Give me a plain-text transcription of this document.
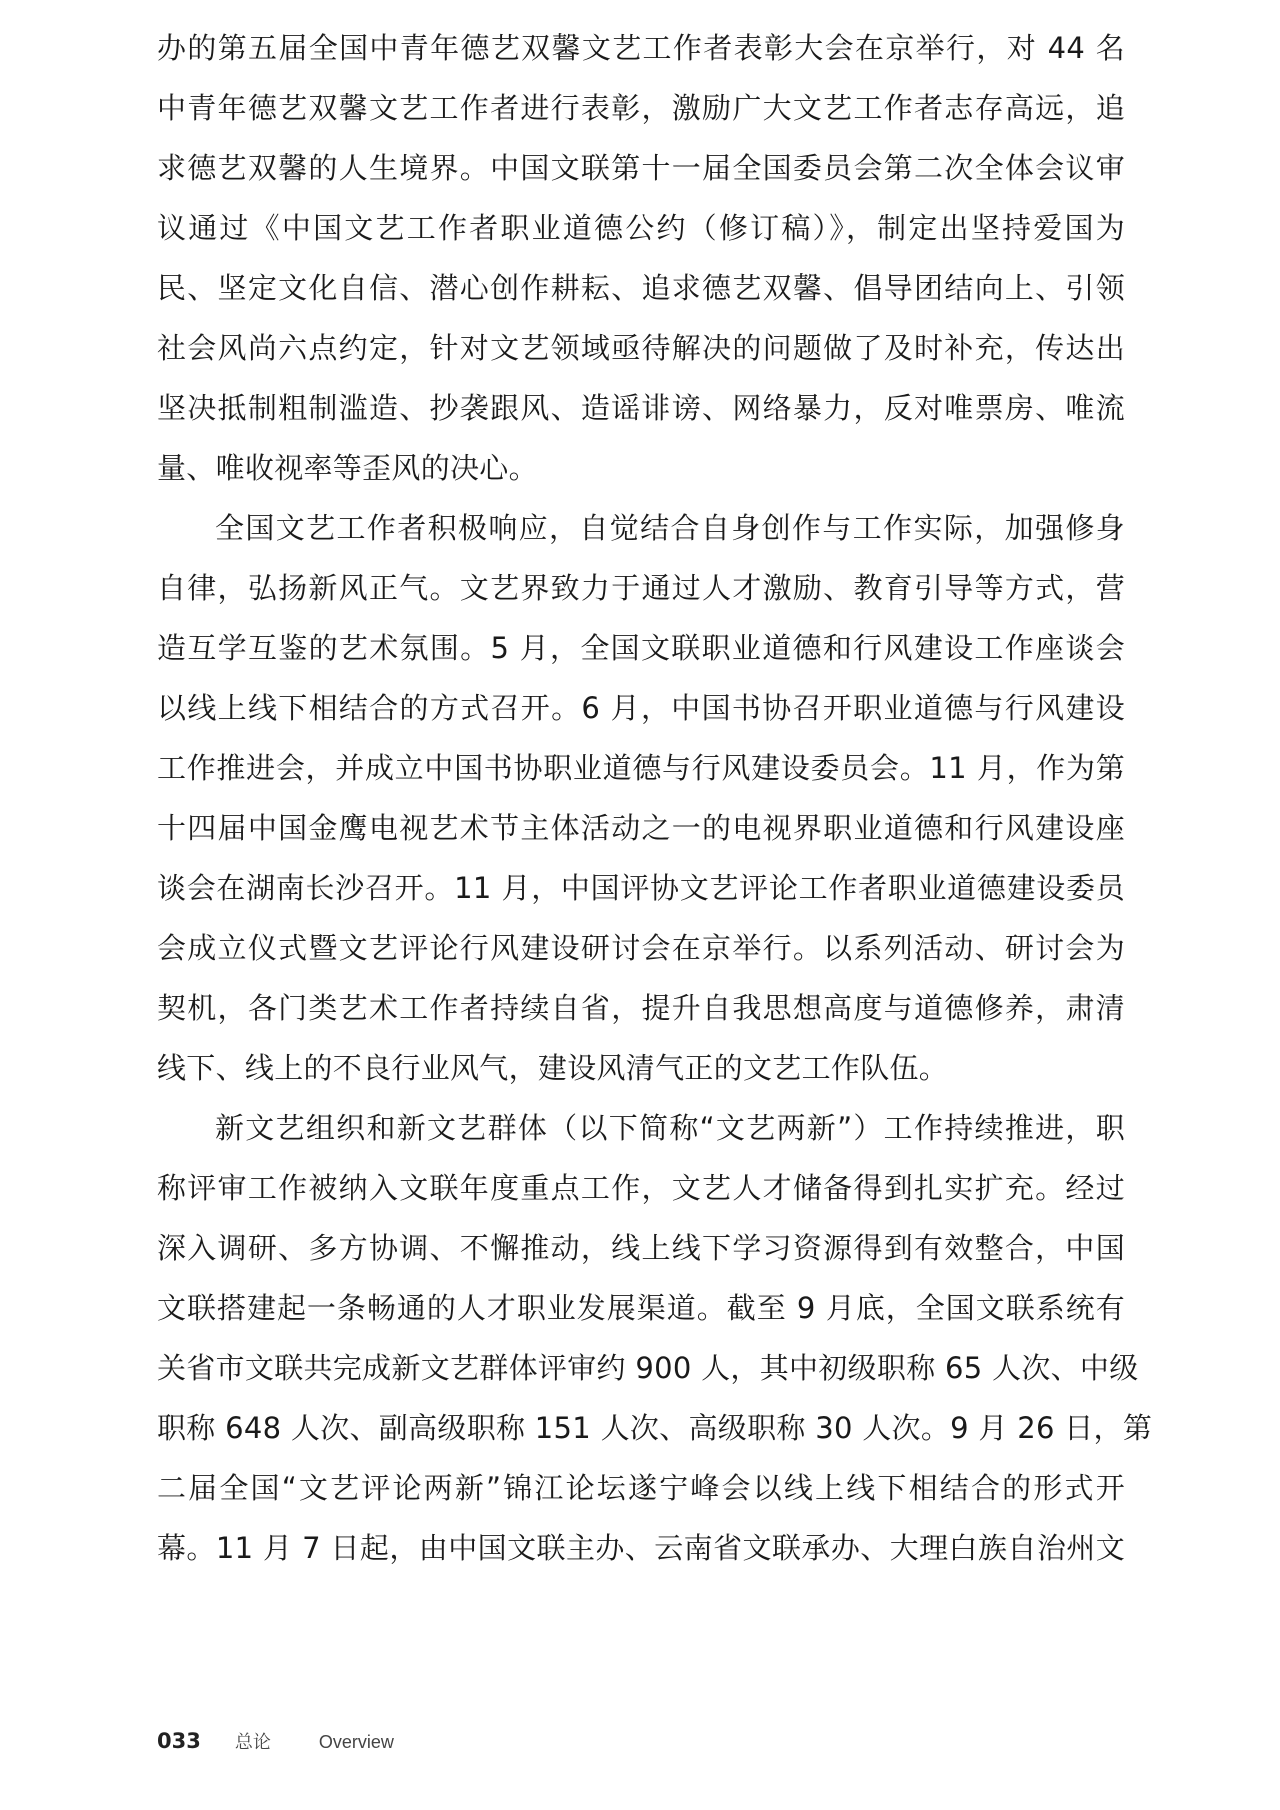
办的第五届全国中青年德艺双馨文艺工作者表彰大会在京举行，对 44 名
中青年德艺双馨文艺工作者进行表彰，激励广大文艺工作者志存高远，追
求德艺双馨的人生境界。中国文联第十一届全国委员会第二次全体会议审
议通过《中国文艺工作者职业道德公约（修订稿）》，制定出坚持爱国为
民、坚定文化自信、潜心创作耕耘、追求德艺双馨、倡导团结向上、引领
社会风尚六点约定，针对文艺领域亟待解决的问题做了及时补充，传达出
坚决抵制粗制滥造、抄袭跟风、造谣诽谤、网络暴力，反对唯票房、唯流
量、唯收视率等歪风的决心。
全国文艺工作者积极响应，自觉结合自身创作与工作实际，加强修身
自律，弘扬新风正气。文艺界致力于通过人才激励、教育引导等方式，营
造互学互鉴的艺术氛围。5 月，全国文联职业道德和行风建设工作座谈会
以线上线下相结合的方式召开。6 月，中国书协召开职业道德与行风建设
工作推进会，并成立中国书协职业道德与行风建设委员会。11 月，作为第
十四届中国金鹰电视艺术节主体活动之一的电视界职业道德和行风建设座
谈会在湖南长沙召开。11 月，中国评协文艺评论工作者职业道德建设委员
会成立仪式暨文艺评论行风建设研讨会在京举行。以系列活动、研讨会为
契机，各门类艺术工作者持续自省，提升自我思想高度与道德修养，肃清
线下、线上的不良行业风气，建设风清气正的文艺工作队伍。
新文艺组织和新文艺群体（以下简称“文艺两新”）工作持续推进，职
称评审工作被纳入文联年度重点工作，文艺人才储备得到扎实扩充。经过
深入调研、多方协调、不懈推动，线上线下学习资源得到有效整合，中国
文联搭建起一条畅通的人才职业发展渠道。截至 9 月底，全国文联系统有
关省市文联共完成新文艺群体评审约 900 人，其中初级职称 65 人次、中级
职称 648 人次、副高级职称 151 人次、高级职称 30 人次。9 月 26 日，第
二届全国“文艺评论两新”锦江论坛遂宁峰会以线上线下相结合的形式开
幕。11 月 7 日起，由中国文联主办、云南省文联承办、大理白族自治州文
033 总论	Overview
